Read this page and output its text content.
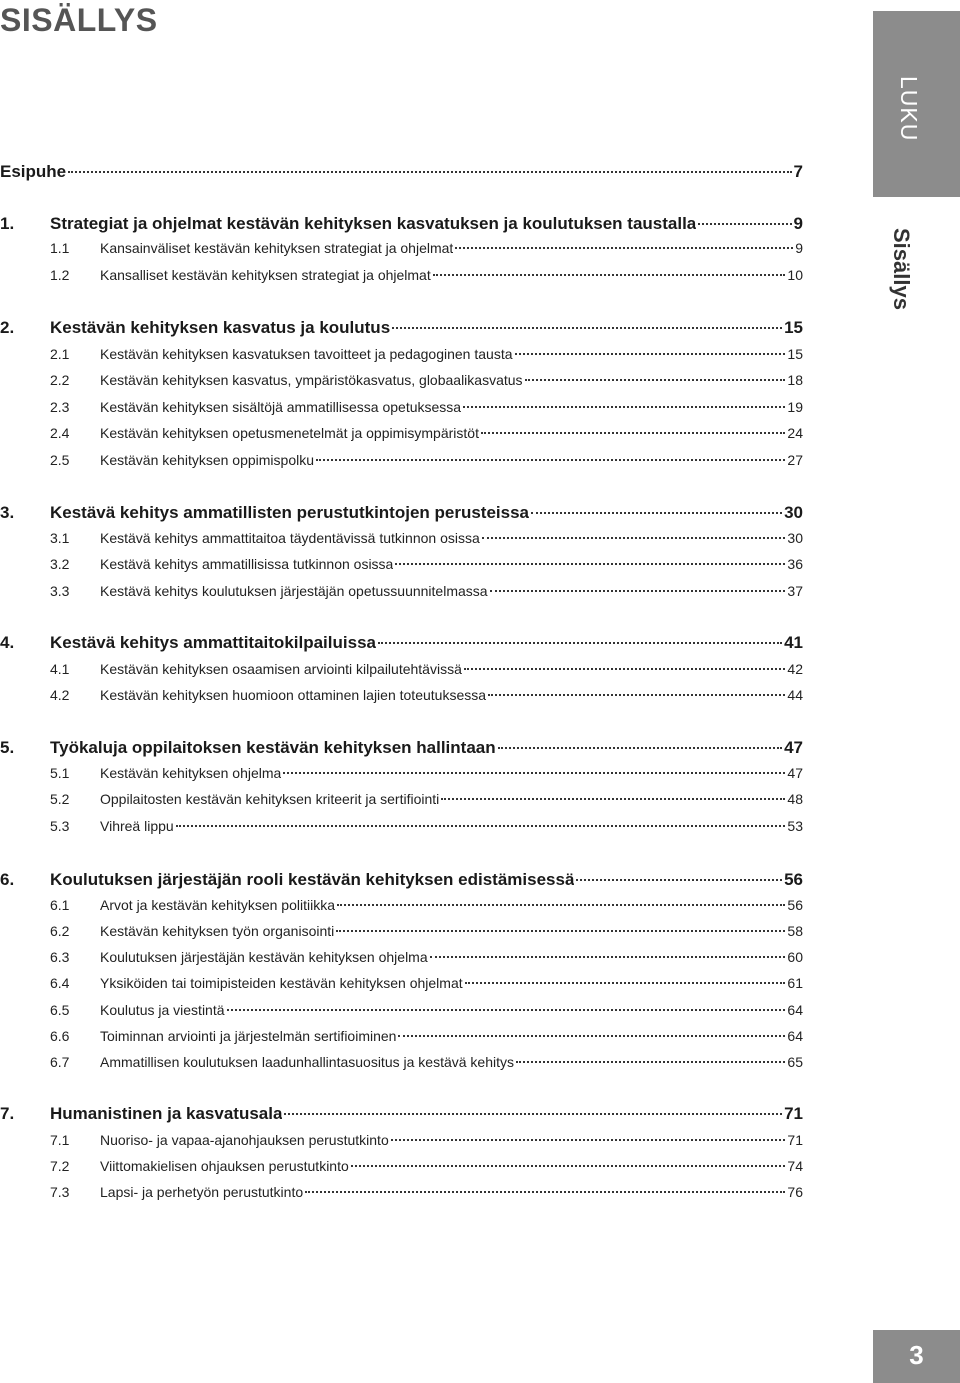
SISÄLLYS
LUKU
Sisällys
Esipuhe	7
1.	Strategiat ja ohjelmat kestävän kehityksen kasvatuksen ja koulutuksen taustalla	9
1.1	Kansainväliset kestävän kehityksen strategiat ja ohjelmat	9
1.2	Kansalliset kestävän kehityksen strategiat ja ohjelmat	10
2.	Kestävän kehityksen kasvatus ja koulutus	15
2.1	Kestävän kehityksen kasvatuksen tavoitteet ja pedagoginen tausta	15
2.2	Kestävän kehityksen kasvatus, ympäristökasvatus, globaalikasvatus	18
2.3	Kestävän kehityksen sisältöjä ammatillisessa opetuksessa	19
2.4	Kestävän kehityksen opetusmenetelmät ja oppimisympäristöt	24
2.5	Kestävän kehityksen oppimispolku	27
3.	Kestävä kehitys ammatillisten perustutkintojen perusteissa	30
3.1	Kestävä kehitys ammattitaitoa täydentävissä tutkinnon osissa	30
3.2	Kestävä kehitys ammatillisissa tutkinnon osissa	36
3.3	Kestävä kehitys koulutuksen järjestäjän opetussuunnitelmassa	37
4.	Kestävä kehitys ammattitaitokilpailuissa	41
4.1	Kestävän kehityksen osaamisen arviointi kilpailutehtävissä	42
4.2	Kestävän kehityksen huomioon ottaminen lajien toteutuksessa	44
5.	Työkaluja oppilaitoksen kestävän kehityksen hallintaan	47
5.1	Kestävän kehityksen ohjelma	47
5.2	Oppilaitosten kestävän kehityksen kriteerit ja sertifiointi	48
5.3	Vihreä lippu	53
6.	Koulutuksen järjestäjän rooli kestävän kehityksen edistämisessä	56
6.1	Arvot ja kestävän kehityksen politiikka	56
6.2	Kestävän kehityksen työn organisointi	58
6.3	Koulutuksen järjestäjän kestävän kehityksen ohjelma	60
6.4	Yksiköiden tai toimipisteiden kestävän kehityksen ohjelmat	61
6.5	Koulutus ja viestintä	64
6.6	Toiminnan arviointi ja järjestelmän sertifioiminen	64
6.7	Ammatillisen koulutuksen laadunhallintasuositus ja kestävä kehitys	65
7.	Humanistinen ja kasvatusala	71
7.1	Nuoriso- ja vapaa-ajanohjauksen perustutkinto	71
7.2	Viittomakielisen ohjauksen perustutkinto	74
7.3	Lapsi- ja perhetyön perustutkinto	76
3
